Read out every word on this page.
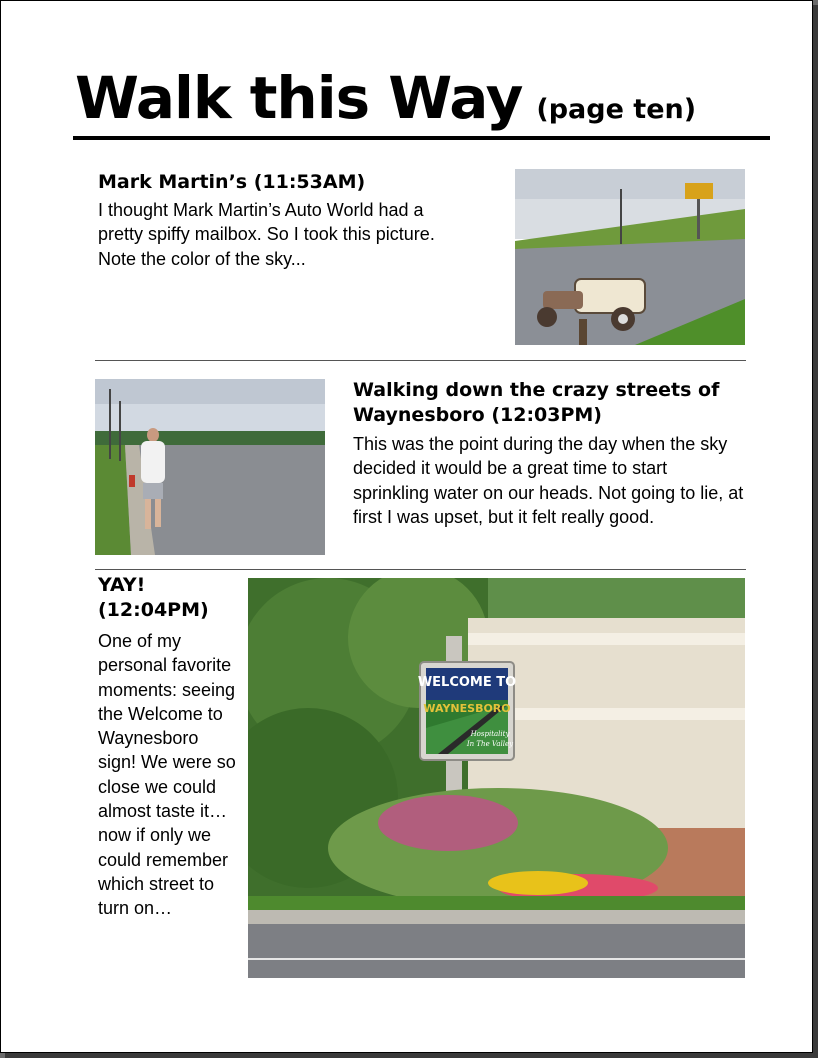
Walk this Way (page ten)
Mark Martin’s (11:53AM)
I thought Mark Martin’s Auto World had a pretty spiffy mailbox. So I took this picture. Note the color of the sky...
Walking down the crazy streets of Waynesboro (12:03PM)
This was the point during the day when the sky decided it would be a great time to start sprinkling water on our heads. Not going to lie, at first I was upset, but it felt really good.
YAY! (12:04PM)
One of my personal favorite moments: seeing the Welcome to Waynesboro sign! We were so close we could almost taste it… now if only we could remember which street to turn on…
WELCOME TO
WAYNESBORO
Hospitality
In The Valley
